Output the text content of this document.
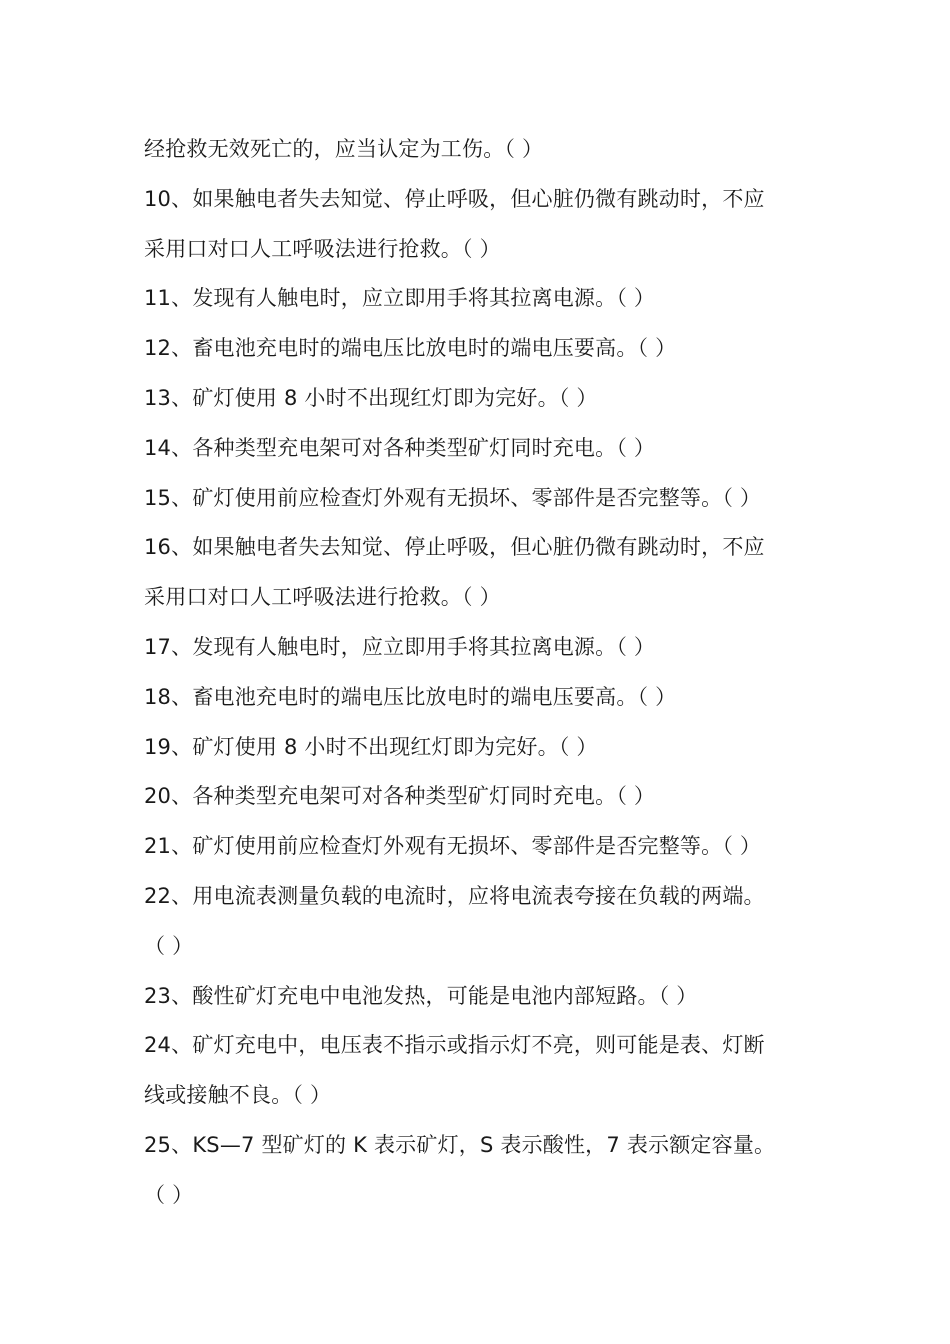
经抢救无效死亡的，应当认定为工伤。（ ）
10、如果触电者失去知觉、停止呼吸，但心脏仍微有跳动时，不应
采用口对口人工呼吸法进行抢救。（ ）
11、发现有人触电时，应立即用手将其拉离电源。（ ）
12、畜电池充电时的端电压比放电时的端电压要高。（ ）
13、矿灯使用 8 小时不出现红灯即为完好。（ ）
14、各种类型充电架可对各种类型矿灯同时充电。（ ）
15、矿灯使用前应检查灯外观有无损坏、零部件是否完整等。（ ）
16、如果触电者失去知觉、停止呼吸，但心脏仍微有跳动时，不应
采用口对口人工呼吸法进行抢救。（ ）
17、发现有人触电时，应立即用手将其拉离电源。（ ）
18、畜电池充电时的端电压比放电时的端电压要高。（ ）
19、矿灯使用 8 小时不出现红灯即为完好。（ ）
20、各种类型充电架可对各种类型矿灯同时充电。（ ）
21、矿灯使用前应检查灯外观有无损坏、零部件是否完整等。（ ）
22、用电流表测量负载的电流时，应将电流表夸接在负载的两端。
（ ）
23、酸性矿灯充电中电池发热，可能是电池内部短路。（ ）
24、矿灯充电中，电压表不指示或指示灯不亮，则可能是表、灯断
线或接触不良。（ ）
25、KS—7 型矿灯的 K 表示矿灯，S 表示酸性，7 表示额定容量。
（ ）
